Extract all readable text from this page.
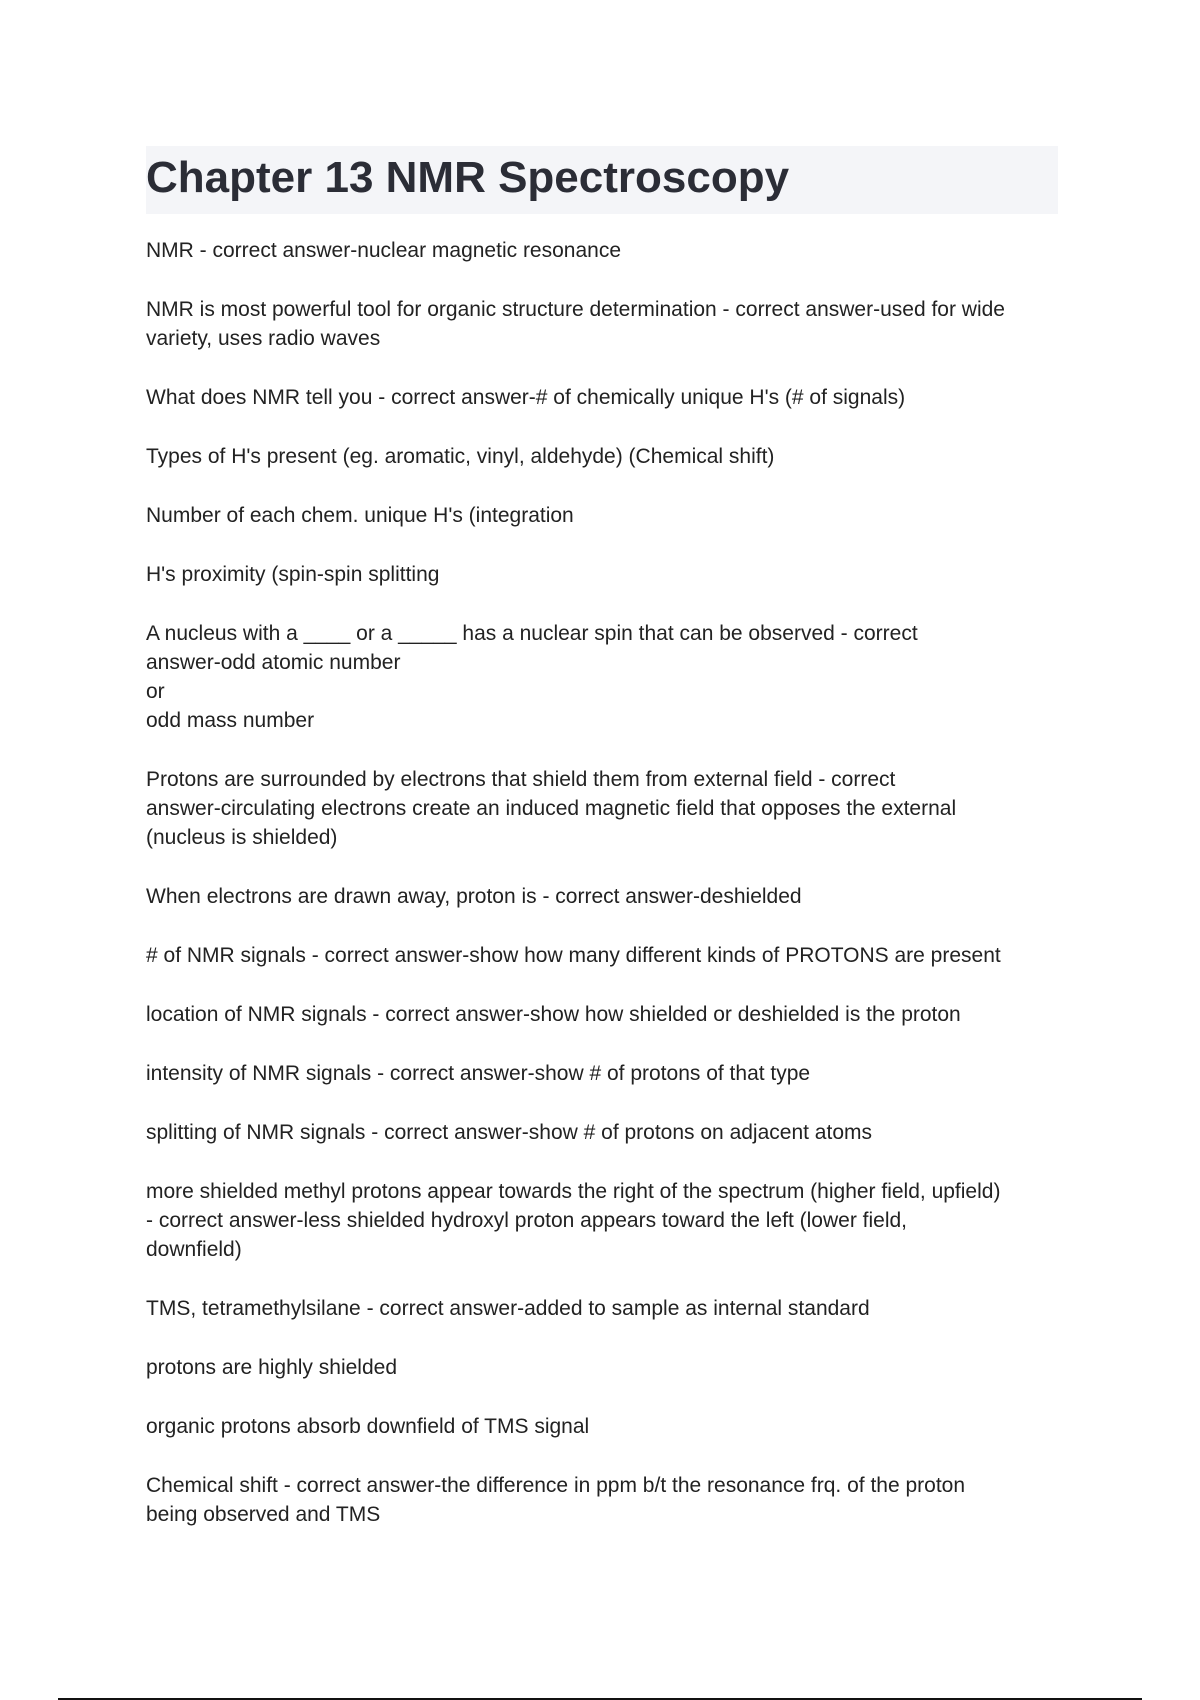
Chapter 13 NMR Spectroscopy

NMR - correct answer-nuclear magnetic resonance

NMR is most powerful tool for organic structure determination - correct answer-used for wide variety, uses radio waves

What does NMR tell you - correct answer-# of chemically unique H's (# of signals)

Types of H's present (eg. aromatic, vinyl, aldehyde) (Chemical shift)

Number of each chem. unique H's (integration

H's proximity (spin-spin splitting

A nucleus with a ____ or a _____ has a nuclear spin that can be observed - correct
answer-odd atomic number
or
odd mass number

Protons are surrounded by electrons that shield them from external field - correct
answer-circulating electrons create an induced magnetic field that opposes the external
(nucleus is shielded)

When electrons are drawn away, proton is - correct answer-deshielded

# of NMR signals - correct answer-show how many different kinds of PROTONS are present

location of NMR signals - correct answer-show how shielded or deshielded is the proton

intensity of NMR signals - correct answer-show # of protons of that type

splitting of NMR signals - correct answer-show # of protons on adjacent atoms

more shielded methyl protons appear towards the right of the spectrum (higher field, upfield)
- correct answer-less shielded hydroxyl proton appears toward the left (lower field,
downfield)

TMS, tetramethylsilane - correct answer-added to sample as internal standard

protons are highly shielded

organic protons absorb downfield of TMS signal

Chemical shift - correct answer-the difference in ppm b/t the resonance frq. of the proton
being observed and TMS
